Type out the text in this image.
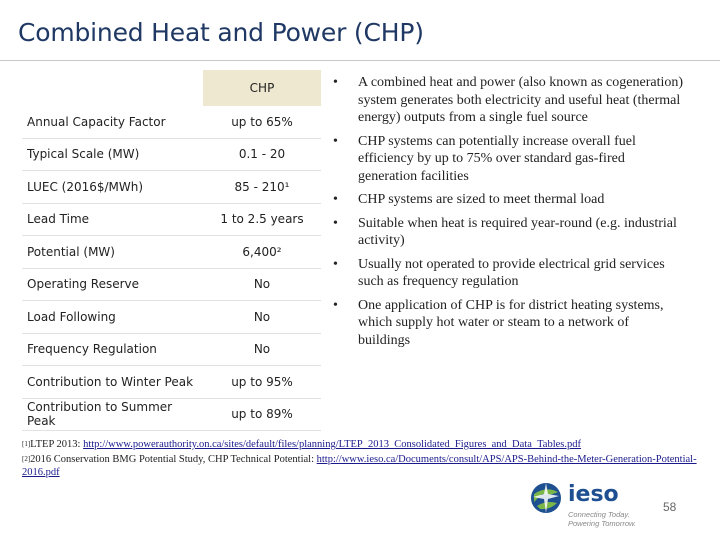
Combined Heat and Power (CHP)
	CHP
Annual Capacity Factor	up to 65%
Typical Scale (MW)	0.1 - 20
LUEC (2016$/MWh)	85 - 210¹
Lead Time	1 to 2.5 years
Potential (MW)	6,400²
Operating Reserve	No
Load Following	No
Frequency Regulation	No
Contribution to Winter Peak	up to 95%
Contribution to Summer Peak	up to 89%
• A combined heat and power (also known as cogeneration) system generates both electricity and useful heat (thermal energy) outputs from a single fuel source
• CHP systems can potentially increase overall fuel efficiency by up to 75% over standard gas-fired generation facilities
• CHP systems are sized to meet thermal load
• Suitable when heat is required year-round (e.g. industrial activity)
• Usually not operated to provide electrical grid services such as frequency regulation
• One application of CHP is for district heating systems, which supply hot water or steam to a network of buildings
[1]LTEP 2013: http://www.powerauthority.on.ca/sites/default/files/planning/LTEP_2013_Consolidated_Figures_and_Data_Tables.pdf
[2]2016 Conservation BMG Potential Study, CHP Technical Potential: http://www.ieso.ca/Documents/consult/APS/APS-Behind-the-Meter-Generation-Potential-2016.pdf
ieso
Connecting Today.
Powering Tomorrow.
58
